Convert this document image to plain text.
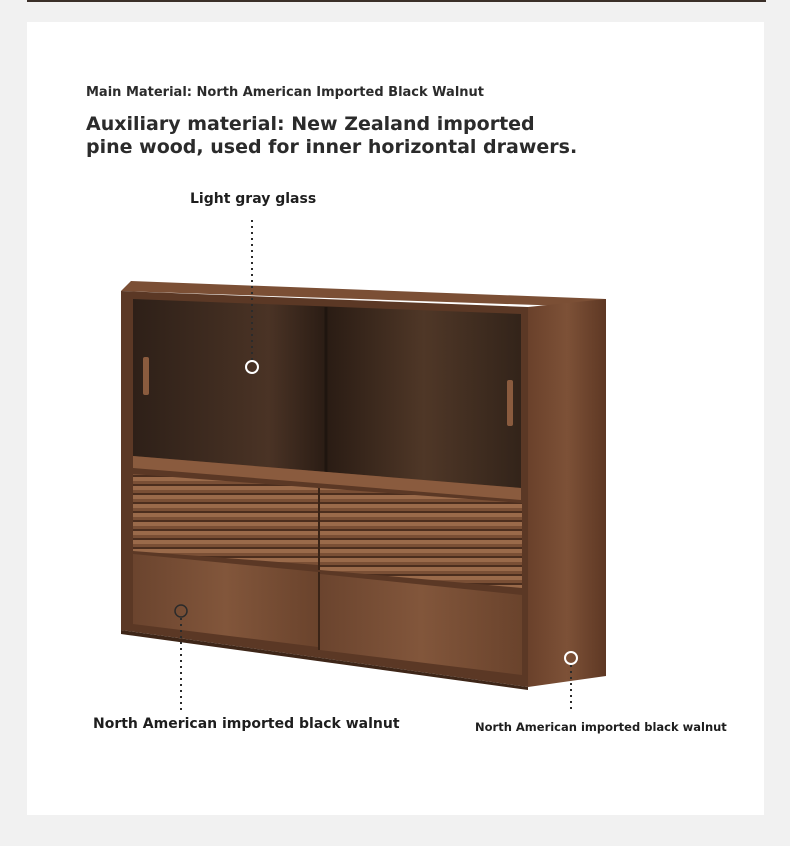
Main Material: North American Imported Black Walnut
Auxiliary material: New Zealand imported pine wood, used for inner horizontal drawers.
Light gray glass
North American imported black walnut	North American imported black walnut
